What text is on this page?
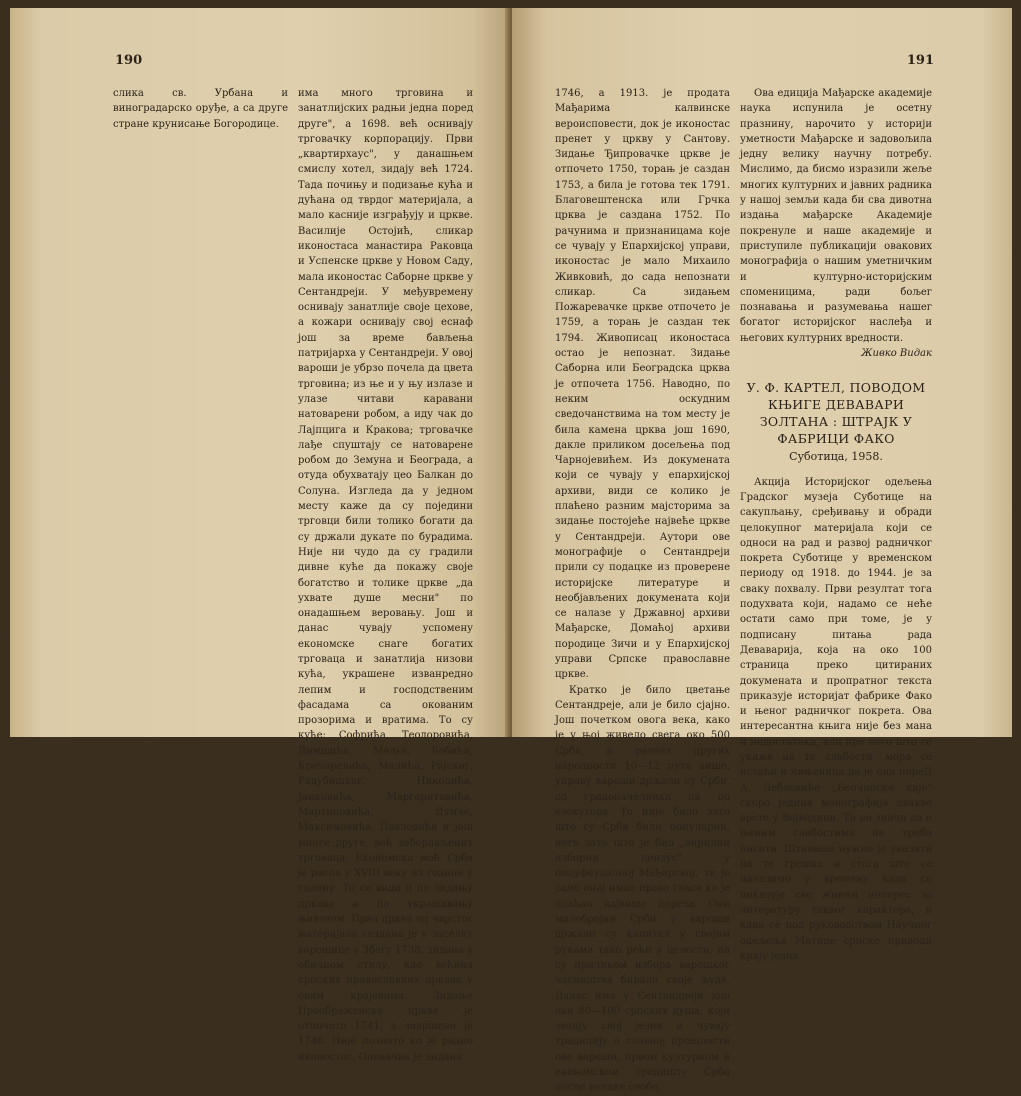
190

слика св. Урбана и виноградарско оруђе, а са друге стране крунисање Богородице.

има много трговина и занатлијских радњи једна поред друге", а 1698. већ оснивају трговачку корпорацију. Први „квартирхаус", у данашњем смислу хотел, зидају већ 1724. Тада почињу и подизање кућа и дућана од тврдог материјала, а мало касније изграђују и цркве. Василије Остојић, сликар иконостаса манастира Раковца и Успенске цркве у Новом Саду, мала иконостас Саборне цркве у Сентандреји. У међувремену оснивају занатлије своје цехове, а кожари оснивају свој еснаф још за време бављења патријарха у Сентандреји. У овој вароши је убрзо почела да цвета трговина; из ње и у њу излазе и улазе читави каравани натоварени робом, а иду чак до Лајпцига и Кракова; трговачке лађе спуштају се натоварене робом до Земуна и Београда, а отуда обухватају цео Балкан до Солуна. Изгледа да у једном месту каже да су поједини трговци били толико богати да су држали дукате по бурадима. Није ни чудо да су градили дивне куће да покажу своје богатство и толике цркве „да ухвате душе месни" по онадашњем веровању. Још и данас чувају успомену економске снаге богатих трговаца и занатлија низови кућа, украшене изванредно лепим и господственим фасадама са окованим прозорима и вратима. То су куће: Софрића, Теодоровића, Димшића, Мальа, Бобића, Кречаревића, Малића, Рајског, Радубишког, Николића, Јанковића, Маргаритовића, Мартиновића, Думче, Максимовића, Павловића и још многе друге, већ заборављених трговаца. Економска моћ Срба је расла у XVIII веку из године у годину. То се види и по зидању цркава и по украшавању њиховом. Прва црква од чврстог материјала саздана је у заселку варошице у Збегу 1738, зидана у обичном стилу, као већина српских православних цркава у овим крајевима. Зидање Преображенске цркве је отпочето 1741, а завршено је 1746. Није познато ко је радио иконостас. Оповачка је зидана

191

1746, а 1913. је продата Мађарима калвинске вероисповести, док је иконостас пренет у цркву у Сантову. Зидање Ђипровачке цркве је отпочето 1750, торањ је саздан 1753, а била је готова тек 1791. Благовештенска или Грчка црква је саздана 1752. По рачунима и признаницама које се чувају у Епархијској управи, иконостас је мало Михаило Живковић, до сада непознати сликар. Са зидањем Пожаревачке цркве отпочето је 1759, а торањ је саздан тек 1794. Живописац иконостаса остао је непознат. Зидање Саборна или Београдска црква је отпочета 1756. Наводно, по неким оскудним сведочанствима на том месту је била камена црква још 1690, дакле приликом досељења под Чарнојевићем. Из докумената који се чувају у епархијској архиви, види се колико је плаћено разним мајсторима за зидање постојеће највеће цркве у Сентандреји. Аутори ове монографије о Сентандреји прили су подацке из проверене историјске литературе и необјављених докумената који се налазе у Државној архиви Мађарске, Домаћој архиви породице Зичи и у Епархијској управи Српске православне цркве.

Кратко је било цветање Сентандреје, али је било сјајно. Још почетком овога века, како је у њој живело свега око 500 Срба, а разних других народности 10—12 пута више, управу вароши држали су Срби, од градоначелника па до езекутора. То није било зато што су Срби били популарни, него зато што је био „вирилни изборни цензус" у полуфеудалној Мађарској, те је само онај имао право гласа ко је плаћао највише пореза. Они малобројни Срби у вароши држали су капитал у својим рукама тако рећи у целости, па су приликом избора варошког часништва бирали своје људе. Данас има у Сентандреји још око 80—100 српских душа, који званју свој језик и чувају традицију о славној прошлости ове вароши, првом културном и економском средишту Срба после велике сеобе.

Ова едиција Мађарске академије наука испунила је осетну празнину, нарочито у историји уметности Мађарске и задовољила једну велику научну потребу. Мислимо, да бисмо изразили жеље многих културних и јавних радника у нашој земљи када би сва дивотна издања мађарске Академије покренуле и наше академије и приступиле публикацији овакових монографија о нашим уметничким и културно-историјским споменицима, ради бољег познавања и разумевања нашег богатог историјског наслеђа и његових културних вредности.

Живко Видак
У. Ф. КАРТЕЛ, ПОВОДОМ КЊИГЕ ДЕВАВАРИ ЗОЛТАНА : ШТРАЈК У ФАБРИЦИ ФАКО
Суботица, 1958.

Акција Историјског одељења Градског музеја Суботице на сакупљању, сређивању и обради целокупног материјала који се односи на рад и развој радничког покрета Суботице у временском периоду од 1918. до 1944. је за сваку похвалу. Први резултат тога подухвата који, надамо се неће остати само при томе, је у подписану питања рада Деваварија, која на око 100 страница преко цитираних докумената и пропратног текста приказује историјат фабрике Фако и њеног радничког покрета. Ова интересантна књига није без мана и недостатака, али пре него што се укаже на те слабости, мора се истаћи и чињеница да је она пореД А. Лебловиће „Беочинске каје" скоро једина монографија овакве врсте у Војводини. То не значи да о њеним слабостима не треба писати. Штавише нужно је указати на те грешке и стога што се налазимо у времену када се показује све живљи интерес за литературу таквог карактера, и када се под руководством Научног одељења Матице српске приводи крају једна
